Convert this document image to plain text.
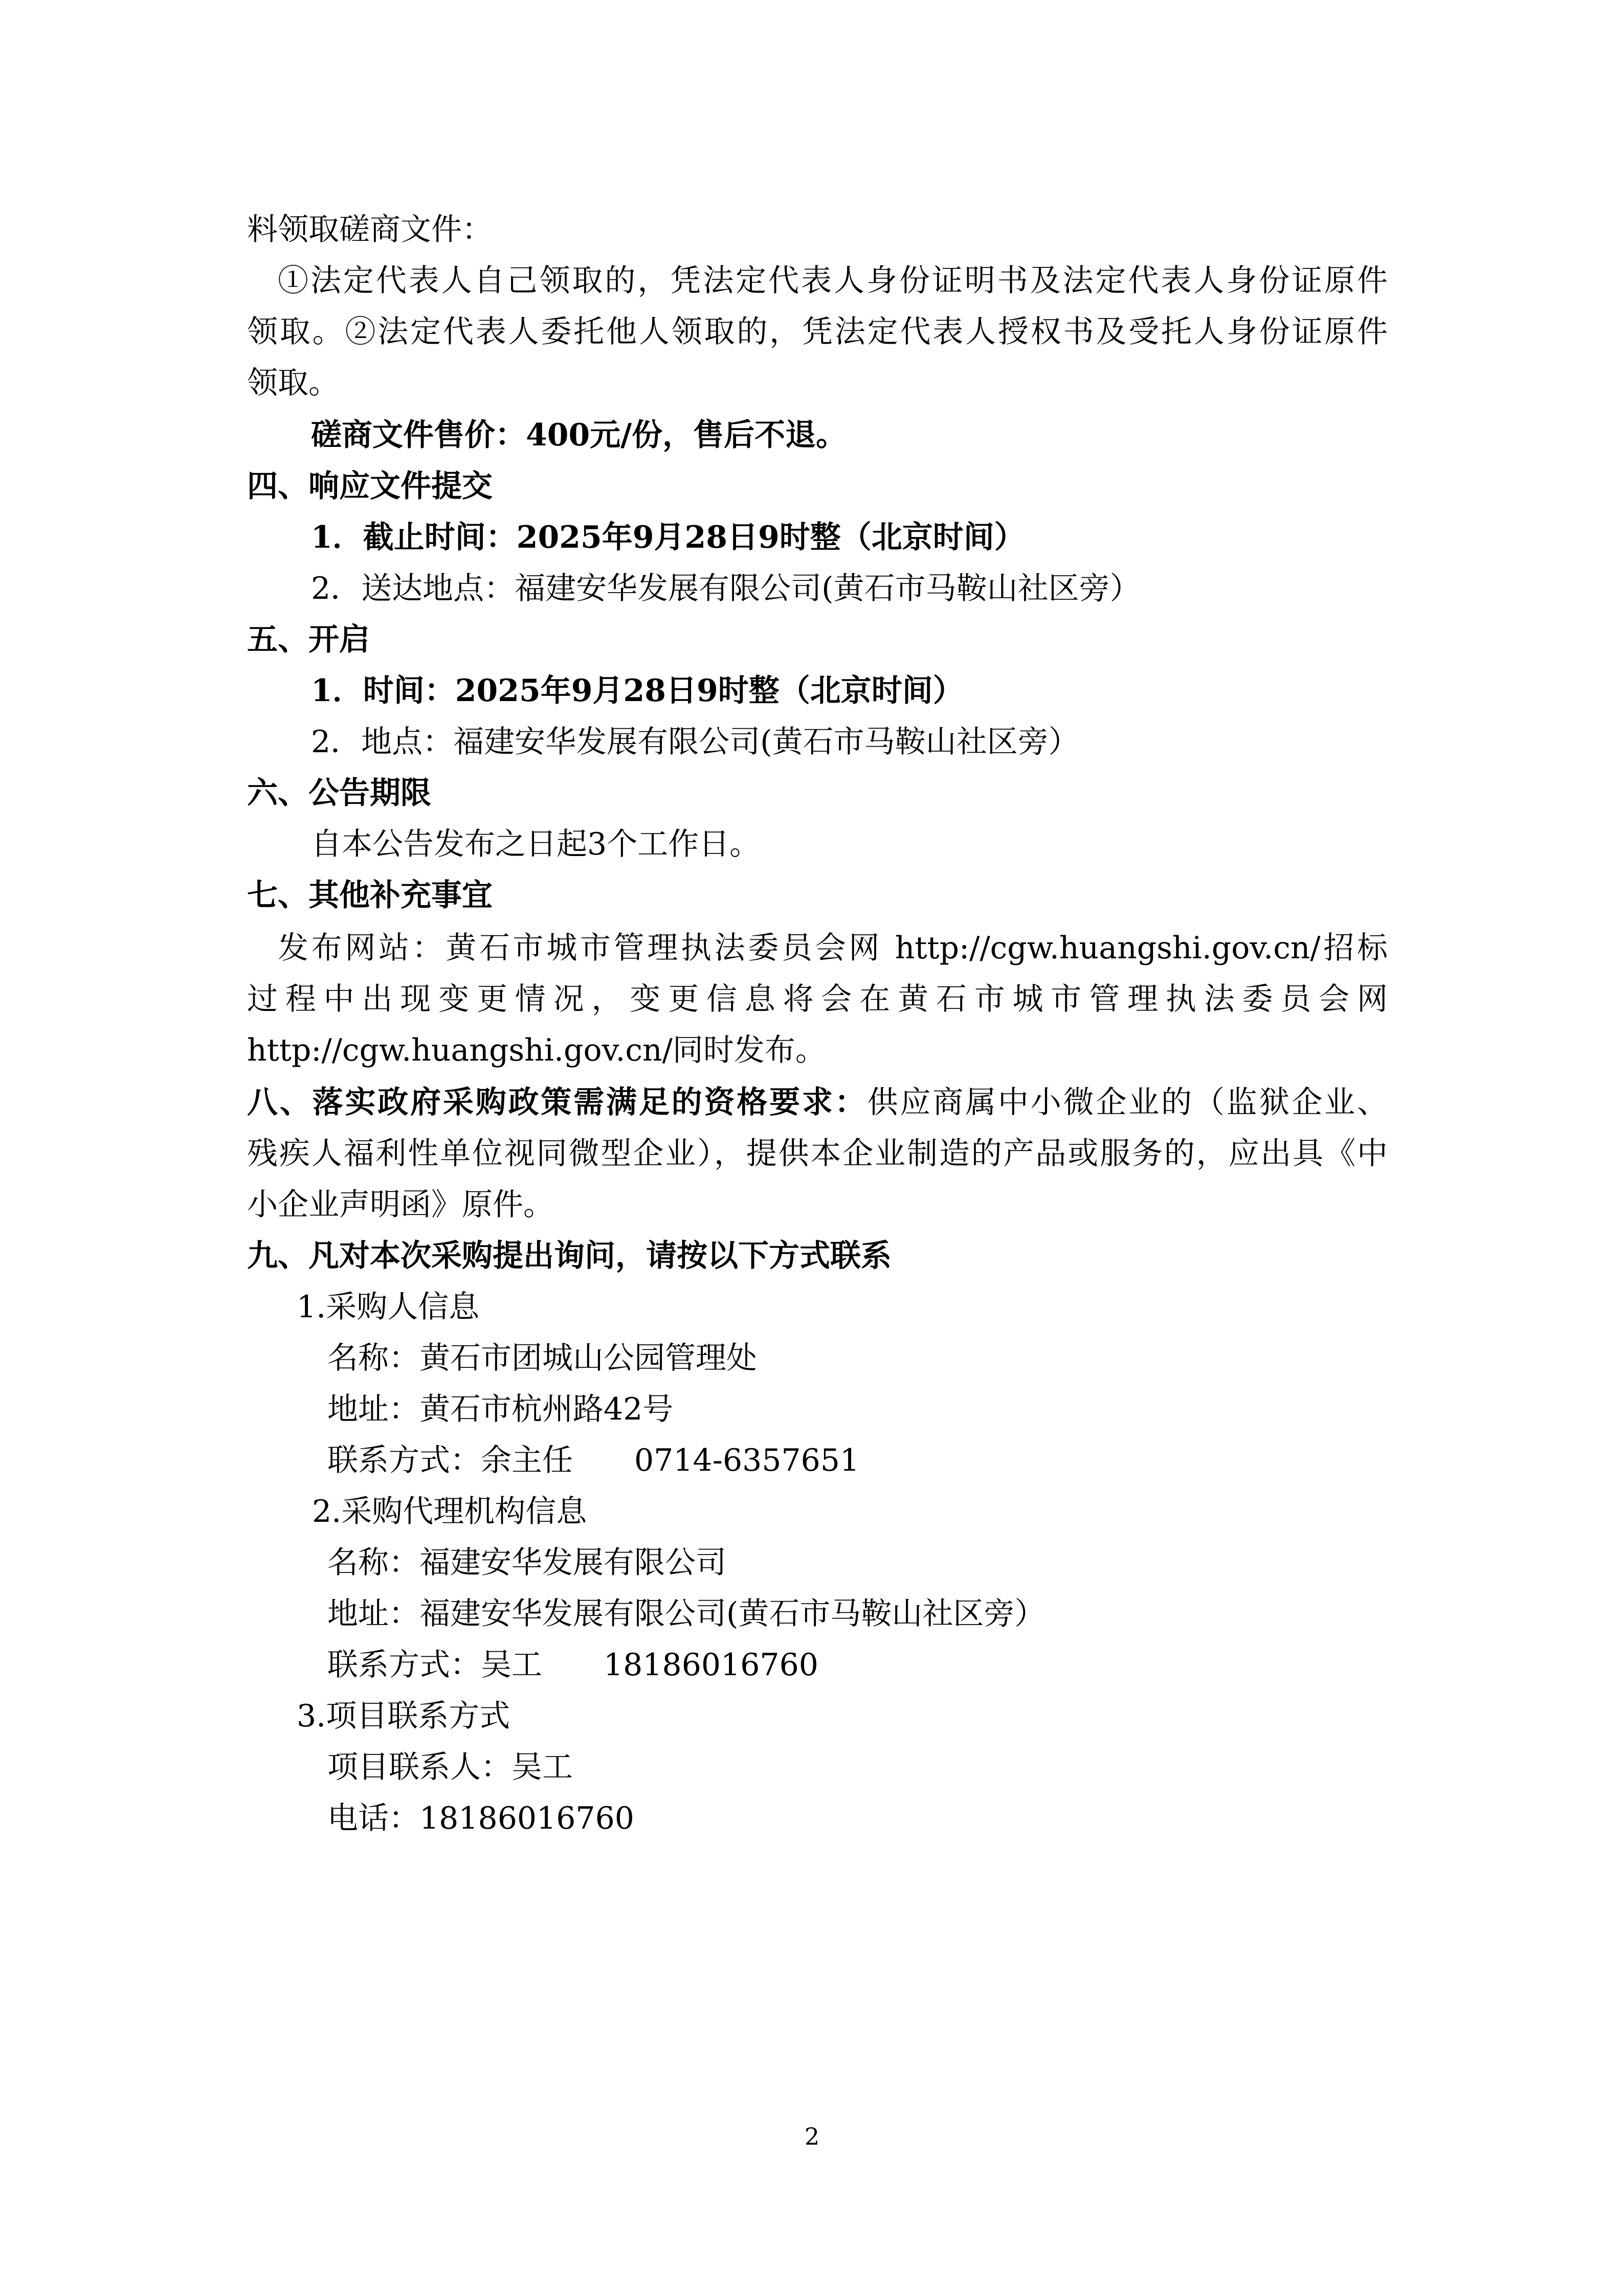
料领取磋商文件：
①法定代表人自己领取的，凭法定代表人身份证明书及法定代表人身份证原件
领取。②法定代表人委托他人领取的，凭法定代表人授权书及受托人身份证原件
领取。
磋商文件售价：400元/份，售后不退。
四、响应文件提交
1．截止时间：2025年9月28日9时整（北京时间）
2．送达地点：福建安华发展有限公司(黄石市马鞍山社区旁）
五、开启
1．时间：2025年9月28日9时整（北京时间）
2．地点：福建安华发展有限公司(黄石市马鞍山社区旁）
六、公告期限
自本公告发布之日起3个工作日。
七、其他补充事宜
发布网站：黄石市城市管理执法委员会网 http://cgw.huangshi.gov.cn/招标
过程中出现变更情况，变更信息将会在黄石市城市管理执法委员会网
http://cgw.huangshi.gov.cn/同时发布。
八、落实政府采购政策需满足的资格要求：供应商属中小微企业的（监狱企业、
残疾人福利性单位视同微型企业），提供本企业制造的产品或服务的，应出具《中
小企业声明函》原件。
九、凡对本次采购提出询问，请按以下方式联系
1.采购人信息
名称：黄石市团城山公园管理处
地址：黄石市杭州路42号
联系方式：余主任　　0714-6357651
2.采购代理机构信息
名称：福建安华发展有限公司
地址：福建安华发展有限公司(黄石市马鞍山社区旁）
联系方式：吴工　　18186016760
3.项目联系方式
项目联系人：吴工
电话：18186016760
2
